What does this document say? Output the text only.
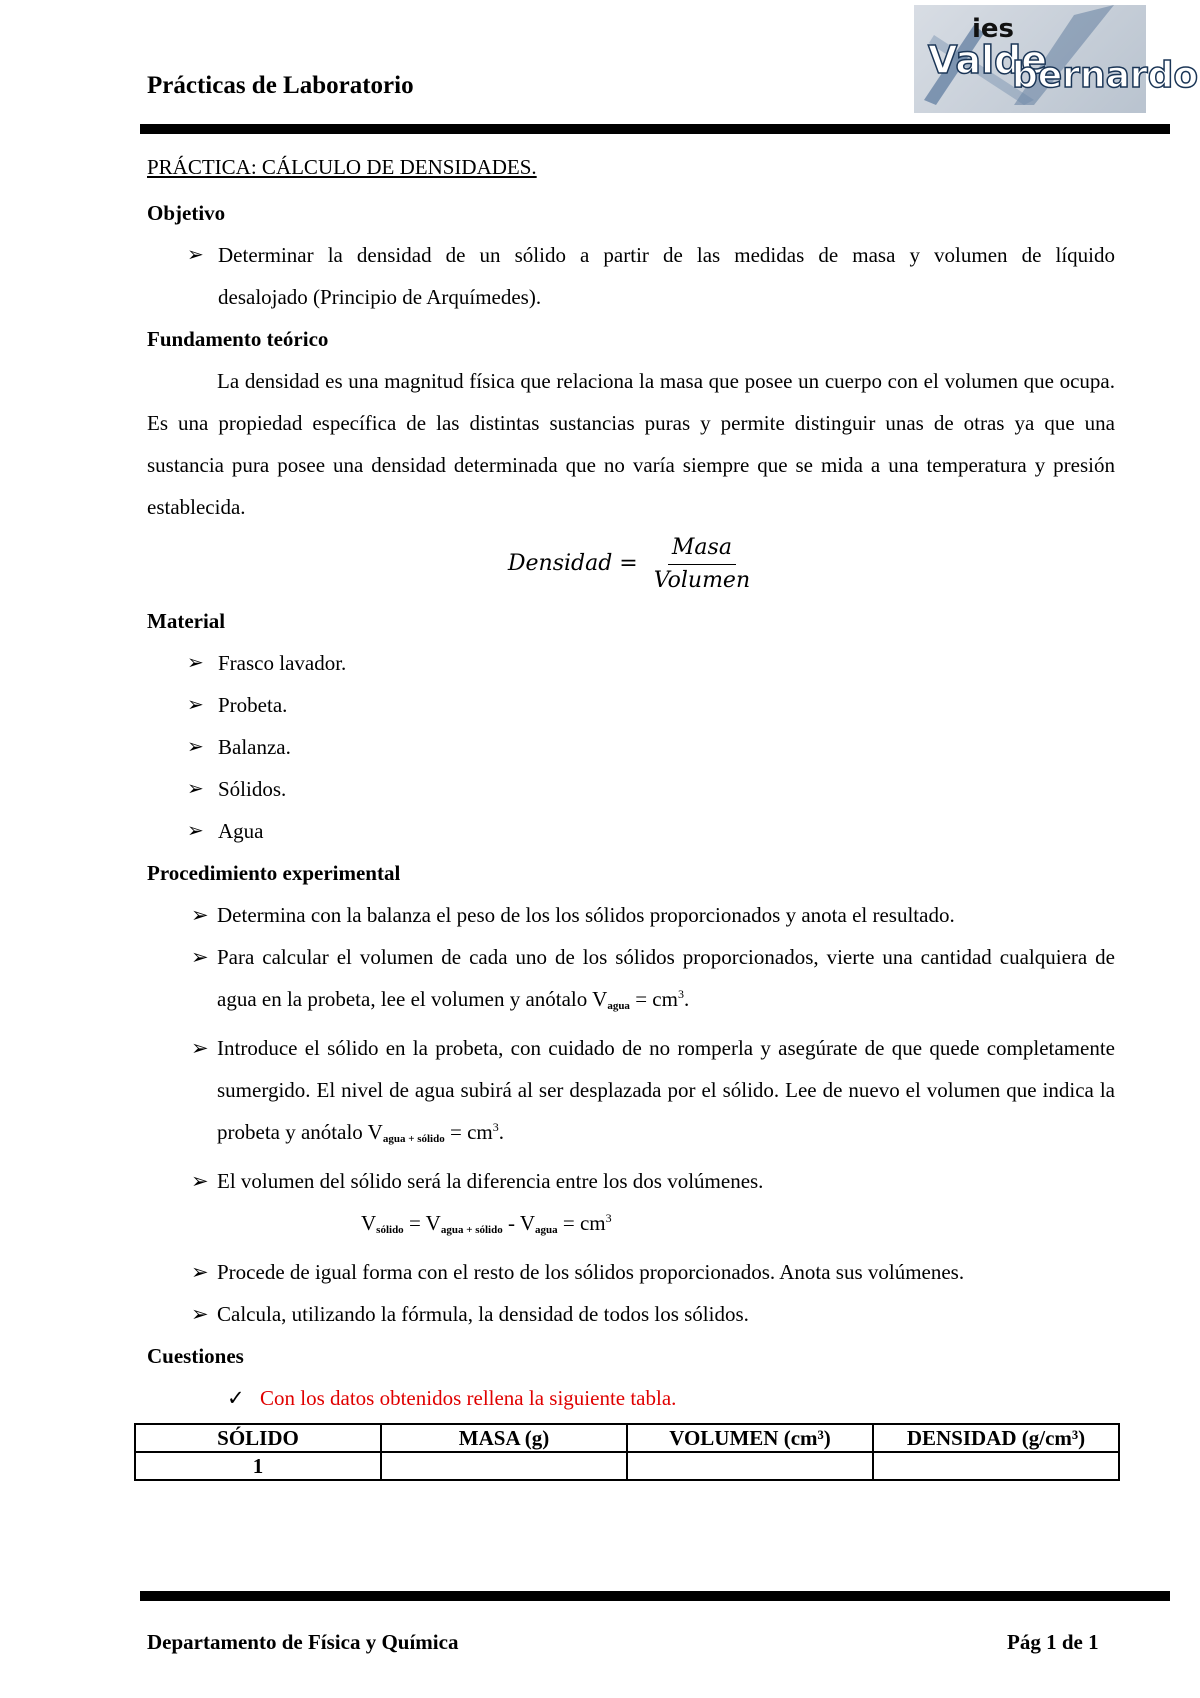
Prácticas de Laboratorio
ies
Valde
bernardo
PRÁCTICA: CÁLCULO DE DENSIDADES.
Objetivo
➢ Determinar la densidad de un sólido a partir de las medidas de masa y volumen de líquido
desalojado (Principio de Arquímedes).
Fundamento teórico
La densidad es una magnitud física que relaciona la masa que posee un cuerpo con el volumen que ocupa. Es una propiedad específica de las distintas sustancias puras y permite distinguir unas de otras ya que una sustancia pura posee una densidad determinada que no varía siempre que se mida a una temperatura y presión establecida.
Densidad = $\frac{\text{Masa}}{\text{Volumen}}$
Material
➢ Frasco lavador.
➢ Probeta.
➢ Balanza.
➢ Sólidos.
➢ Agua
Procedimiento experimental
➢ Determina con la balanza el peso de los los sólidos proporcionados y anota el resultado.
➢ Para calcular el volumen de cada uno de los sólidos proporcionados, vierte una cantidad cualquiera de agua en la probeta, lee el volumen y anótalo $V_{agua} = cm^3$.
➢ Introduce el sólido en la probeta, con cuidado de no romperla y asegúrate de que quede completamente sumergido. El nivel de agua subirá al ser desplazada por el sólido. Lee de nuevo el volumen que indica la probeta y anótalo $V_{agua + sólido} = cm^3$.
➢ El volumen del sólido será la diferencia entre los dos volúmenes.
$V_{sólido} = V_{agua + sólido} - V_{agua} = cm^3$
➢ Procede de igual forma con el resto de los sólidos proporcionados. Anota sus volúmenes.
➢ Calcula, utilizando la fórmula, la densidad de todos los sólidos.
Cuestiones
✓ Con los datos obtenidos rellena la siguiente tabla.
SÓLIDO	MASA (g)	VOLUMEN (cm³)	DENSIDAD (g/cm³)
1			
Departamento de Física y Química	Pág 1 de 1
